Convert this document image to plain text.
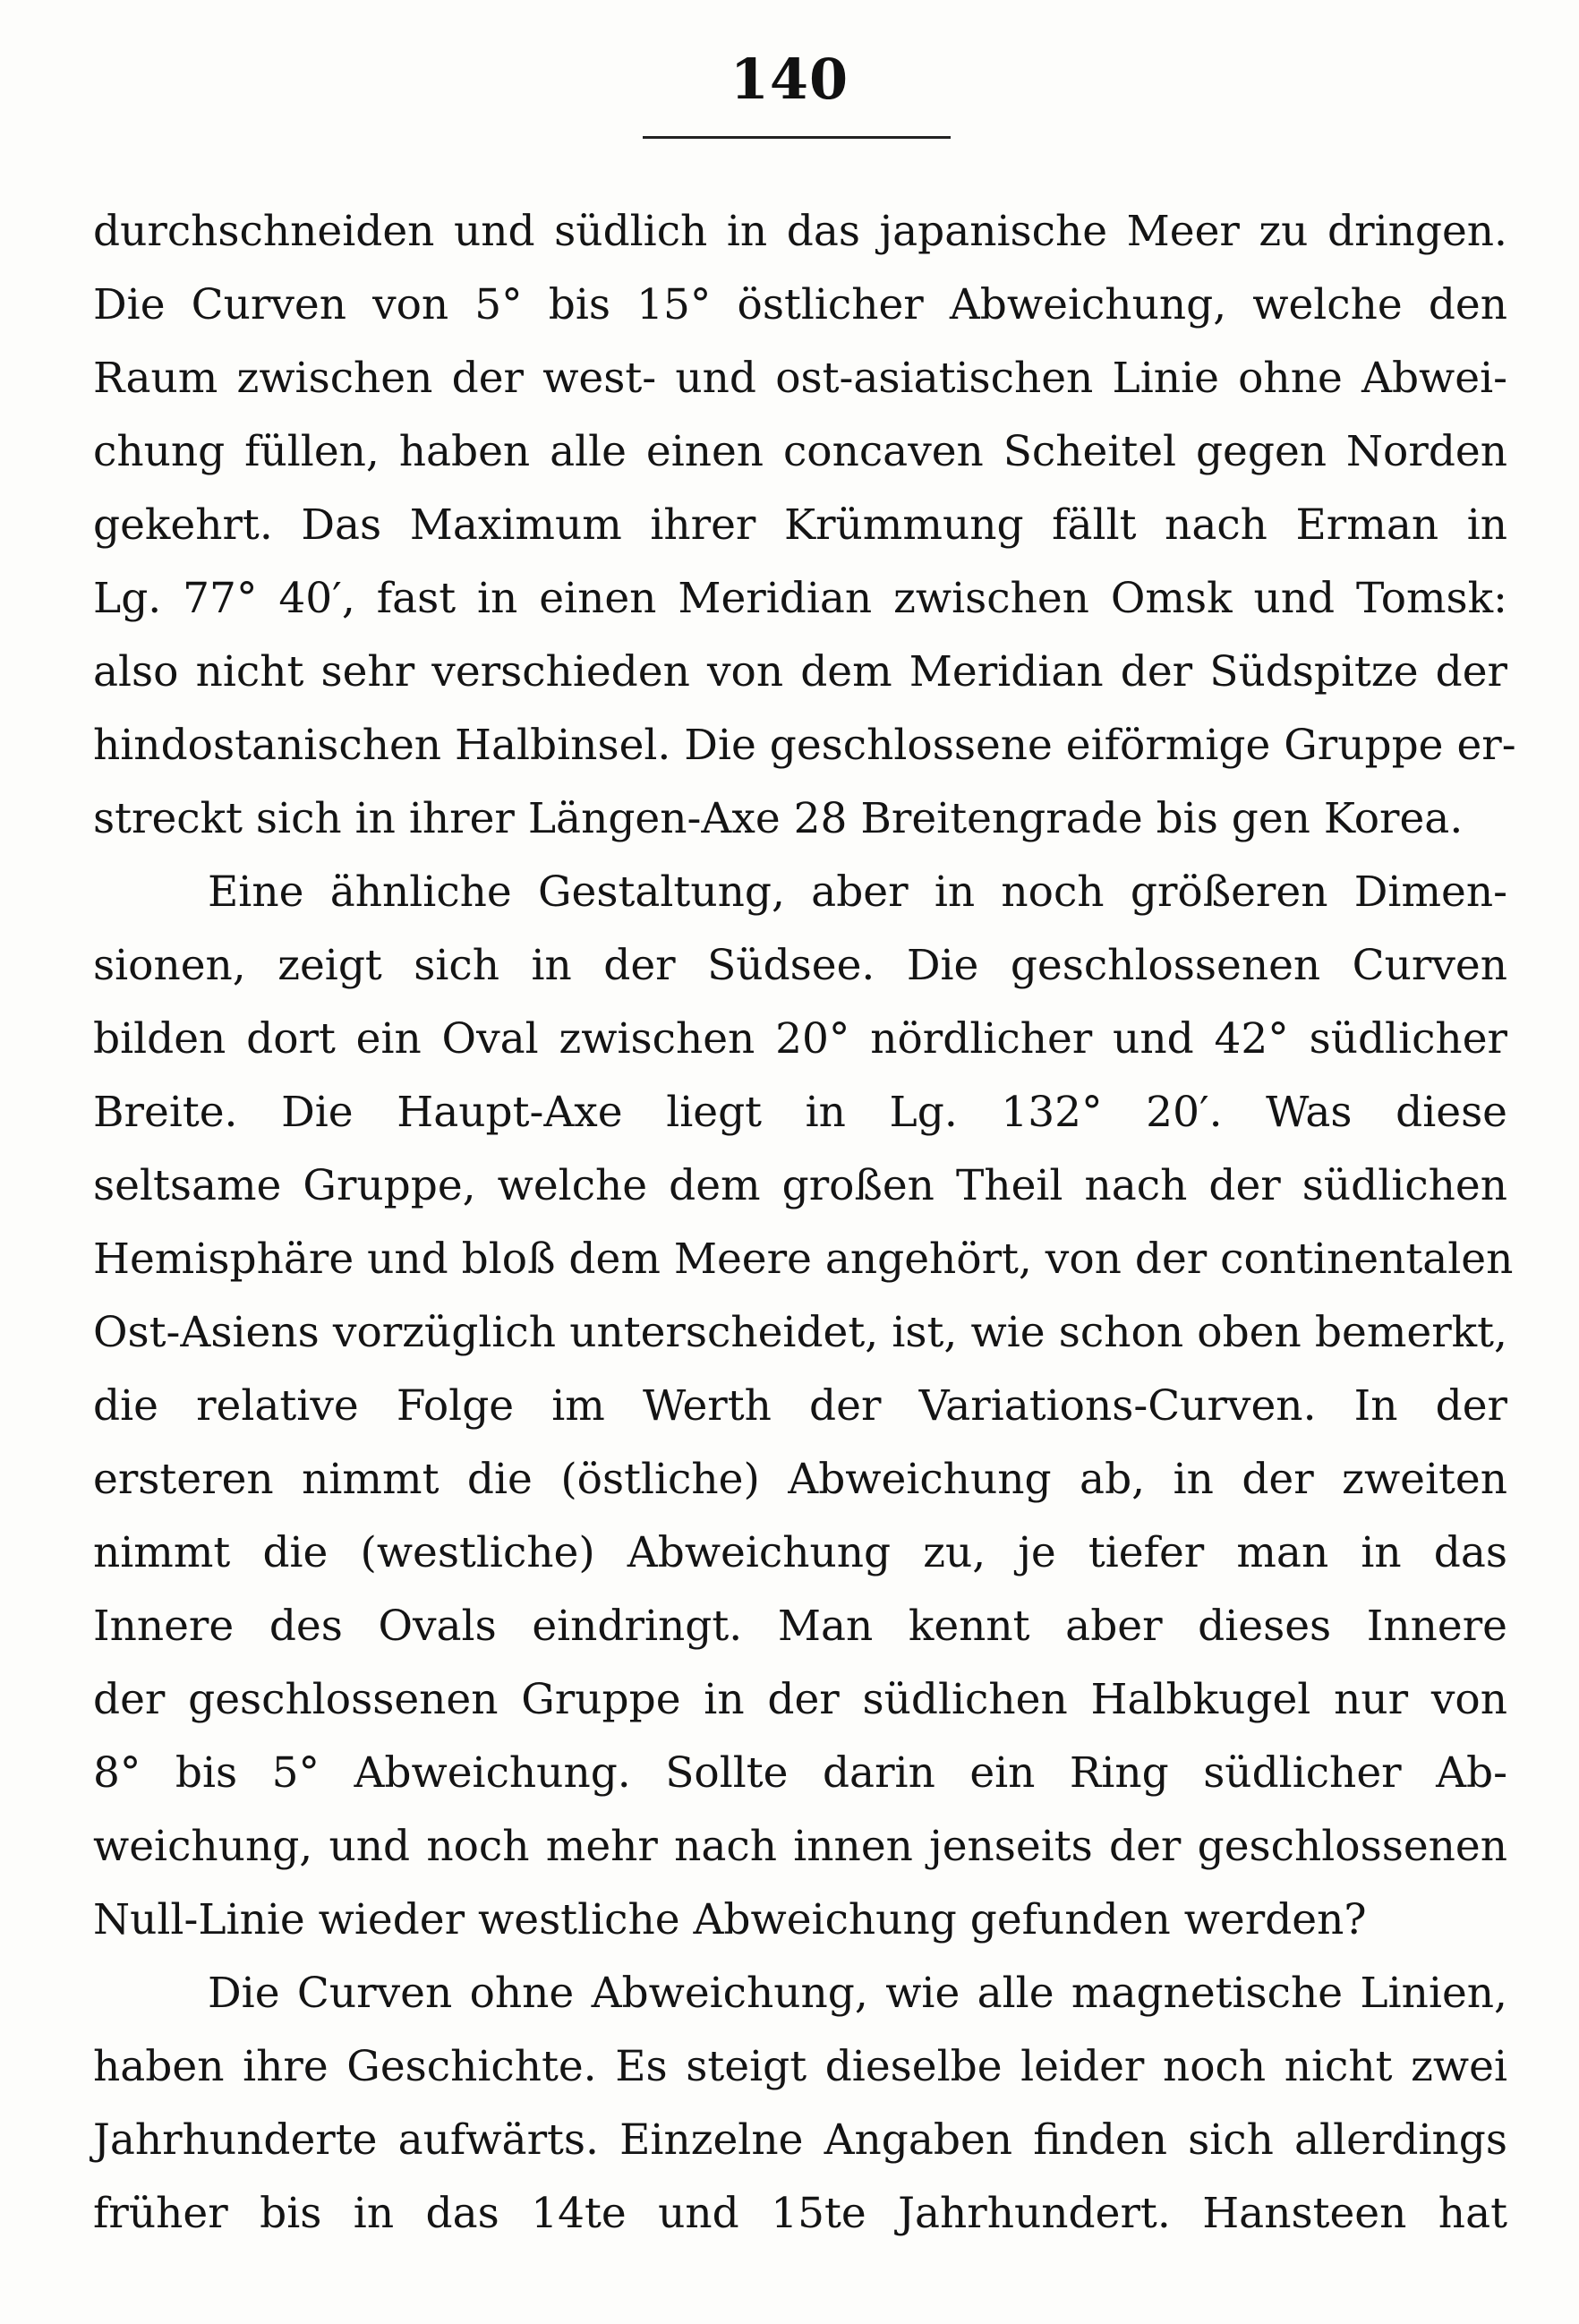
140
durchschneiden und südlich in das japanische Meer zu dringen.
Die Curven von 5° bis 15° östlicher Abweichung, welche den
Raum zwischen der west- und ost-asiatischen Linie ohne Abwei-
chung füllen, haben alle einen concaven Scheitel gegen Norden
gekehrt. Das Maximum ihrer Krümmung fällt nach Erman in
Lg. 77° 40′, fast in einen Meridian zwischen Omsk und Tomsk:
also nicht sehr verschieden von dem Meridian der Südspitze der
hindostanischen Halbinsel. Die geschlossene eiförmige Gruppe er-
streckt sich in ihrer Längen-Axe 28 Breitengrade bis gen Korea.
Eine ähnliche Gestaltung, aber in noch größeren Dimen-
sionen, zeigt sich in der Südsee. Die geschlossenen Curven
bilden dort ein Oval zwischen 20° nördlicher und 42° südlicher
Breite. Die Haupt-Axe liegt in Lg. 132° 20′. Was diese
seltsame Gruppe, welche dem großen Theil nach der südlichen
Hemisphäre und bloß dem Meere angehört, von der continentalen
Ost-Asiens vorzüglich unterscheidet, ist, wie schon oben bemerkt,
die relative Folge im Werth der Variations-Curven. In der
ersteren nimmt die (östliche) Abweichung ab, in der zweiten
nimmt die (westliche) Abweichung zu, je tiefer man in das
Innere des Ovals eindringt. Man kennt aber dieses Innere
der geschlossenen Gruppe in der südlichen Halbkugel nur von
8° bis 5° Abweichung. Sollte darin ein Ring südlicher Ab-
weichung, und noch mehr nach innen jenseits der geschlossenen
Null-Linie wieder westliche Abweichung gefunden werden?
Die Curven ohne Abweichung, wie alle magnetische Linien,
haben ihre Geschichte. Es steigt dieselbe leider noch nicht zwei
Jahrhunderte aufwärts. Einzelne Angaben finden sich allerdings
früher bis in das 14te und 15te Jahrhundert. Hansteen hat
